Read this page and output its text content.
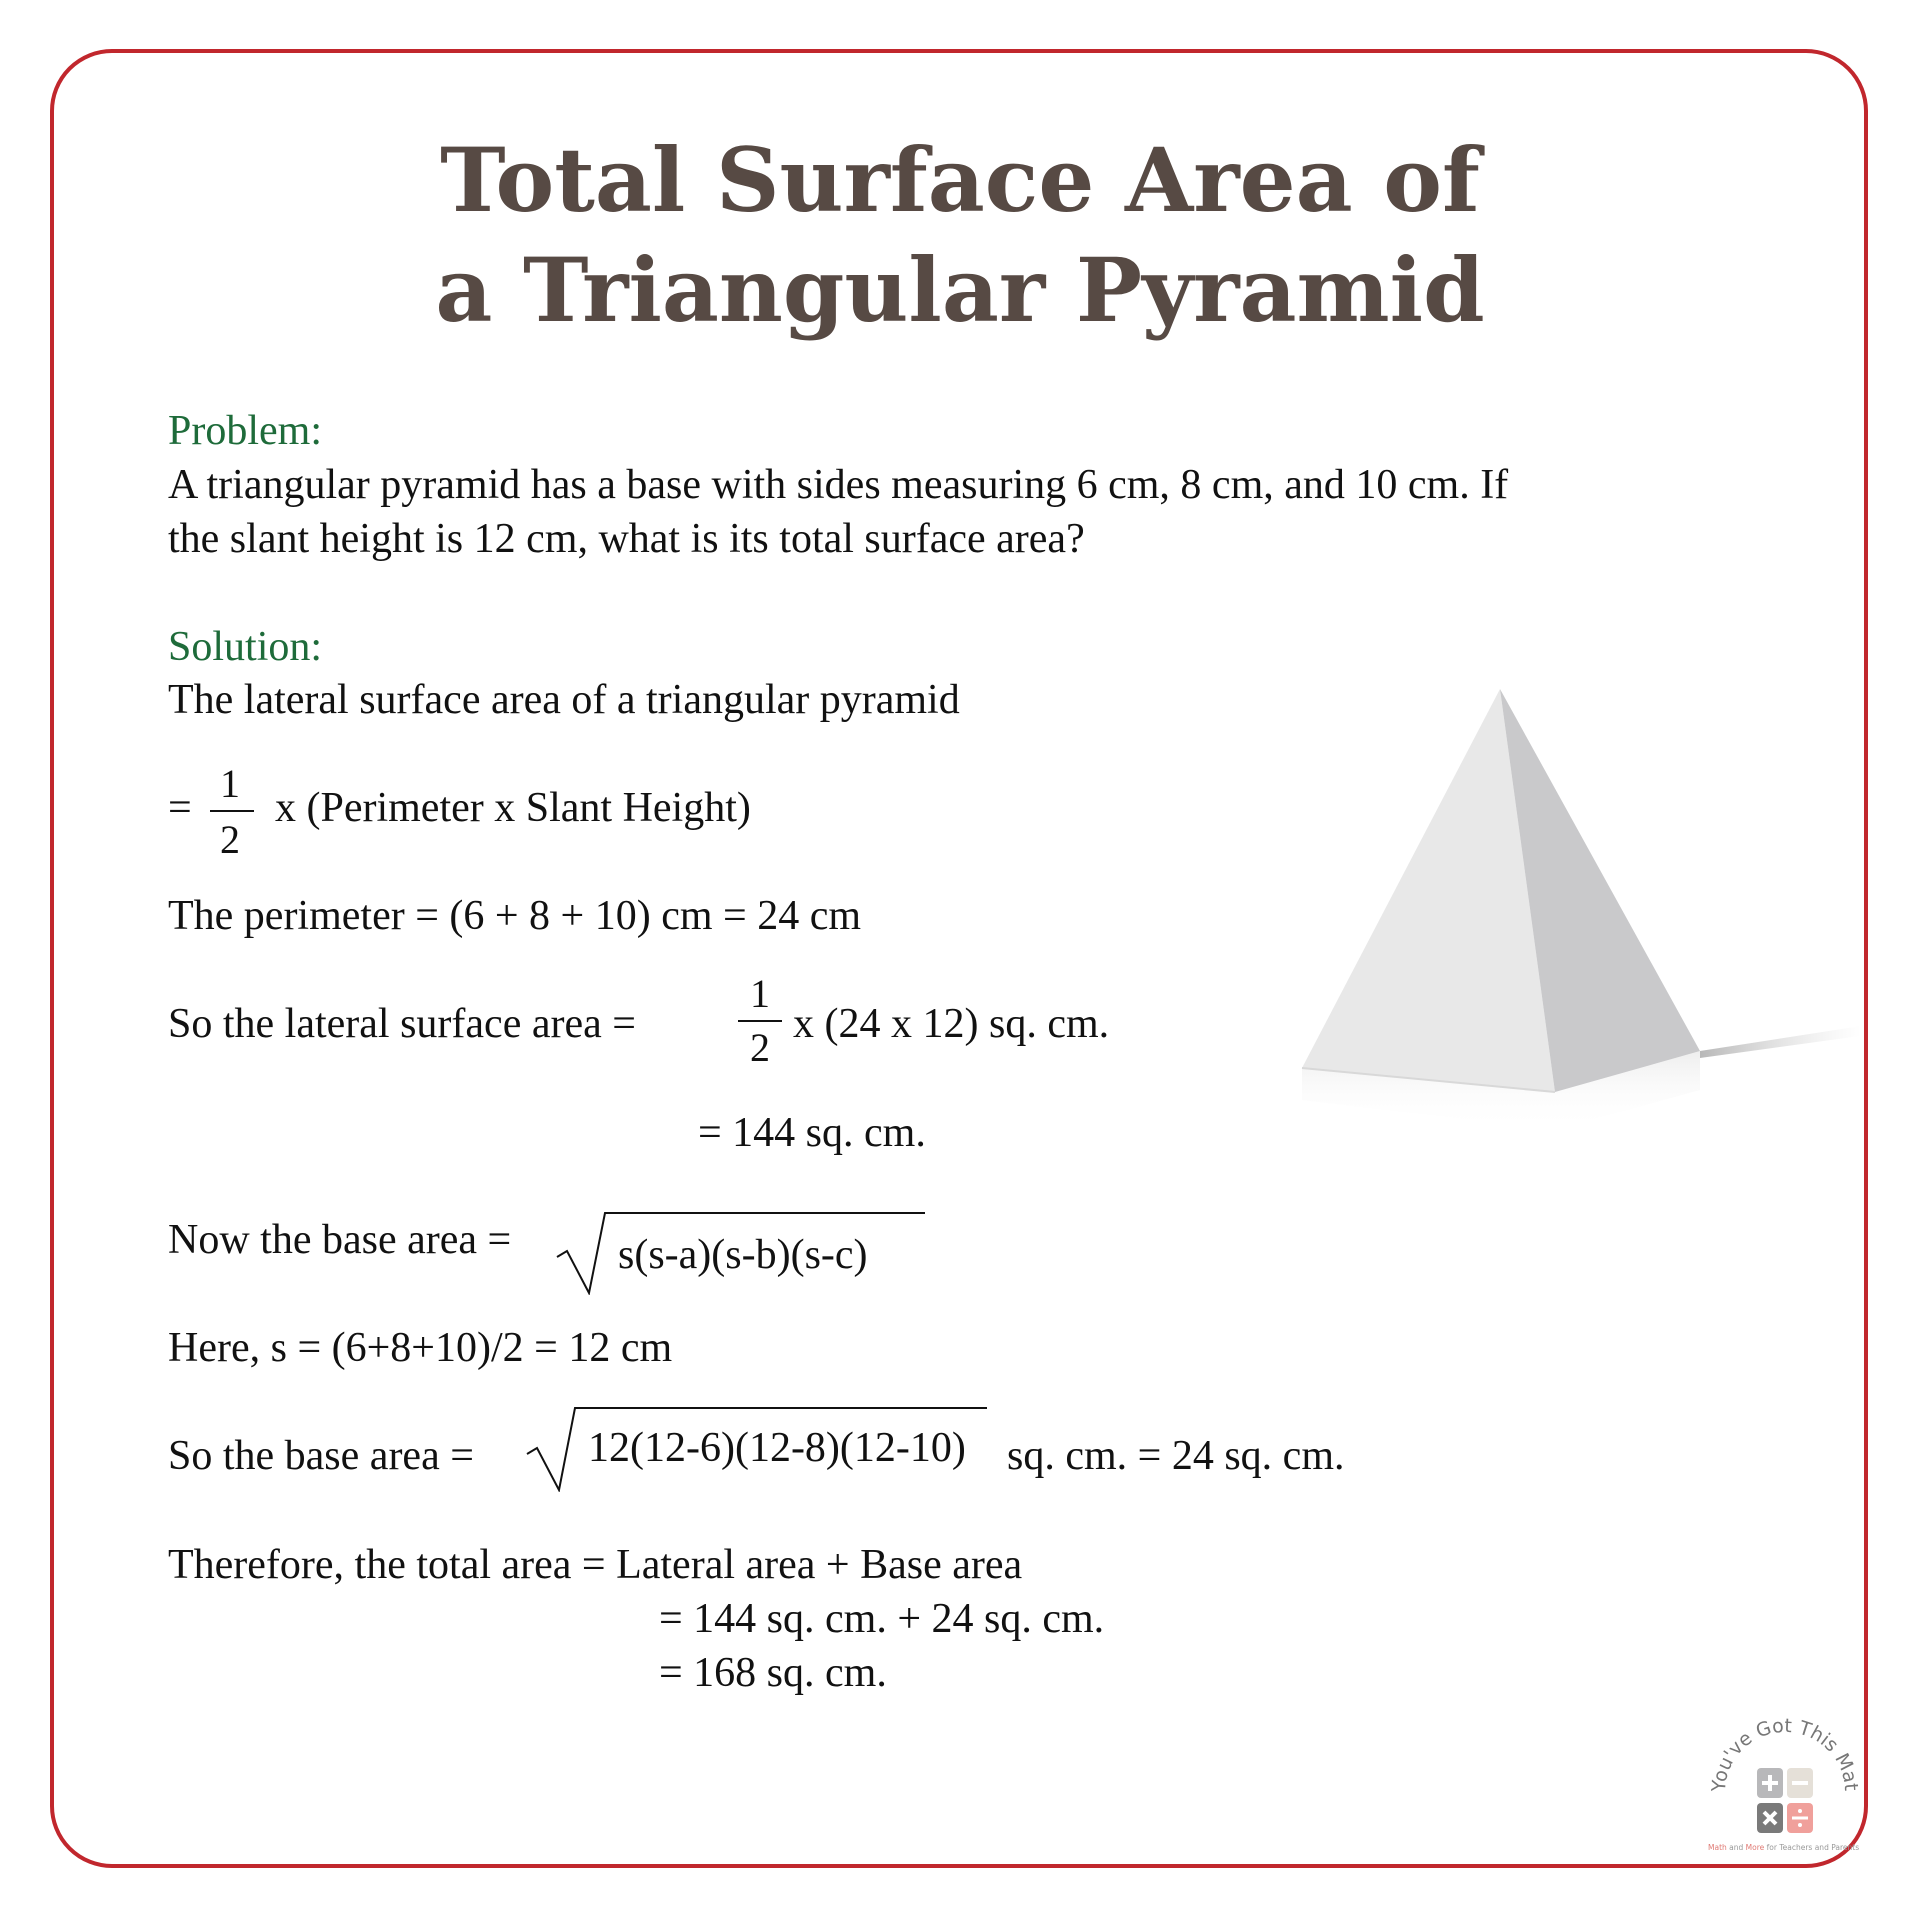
Total Surface Area of
a Triangular Pyramid
Problem:
A triangular pyramid has a base with sides measuring 6 cm, 8 cm, and 10 cm. If
the slant height is 12 cm, what is its total surface area?
Solution:
The lateral surface area of a triangular pyramid
=
1
2
x (Perimeter x Slant Height)
The perimeter = (6 + 8 + 10) cm = 24 cm
So the lateral surface area =
1
2
x (24 x 12) sq. cm.
= 144 sq. cm.
Now the base area =	s(s-a)(s-b)(s-c)
Here, s = (6+8+10)/2 = 12 cm
So the base area =	12(12-6)(12-8)(12-10) sq. cm. = 24 sq. cm.
Therefore, the total area = Lateral area + Base area
= 144 sq. cm. + 24 sq. cm.
= 168 sq. cm.
You've Got This Mat
Math and More for Teachers and Parents
